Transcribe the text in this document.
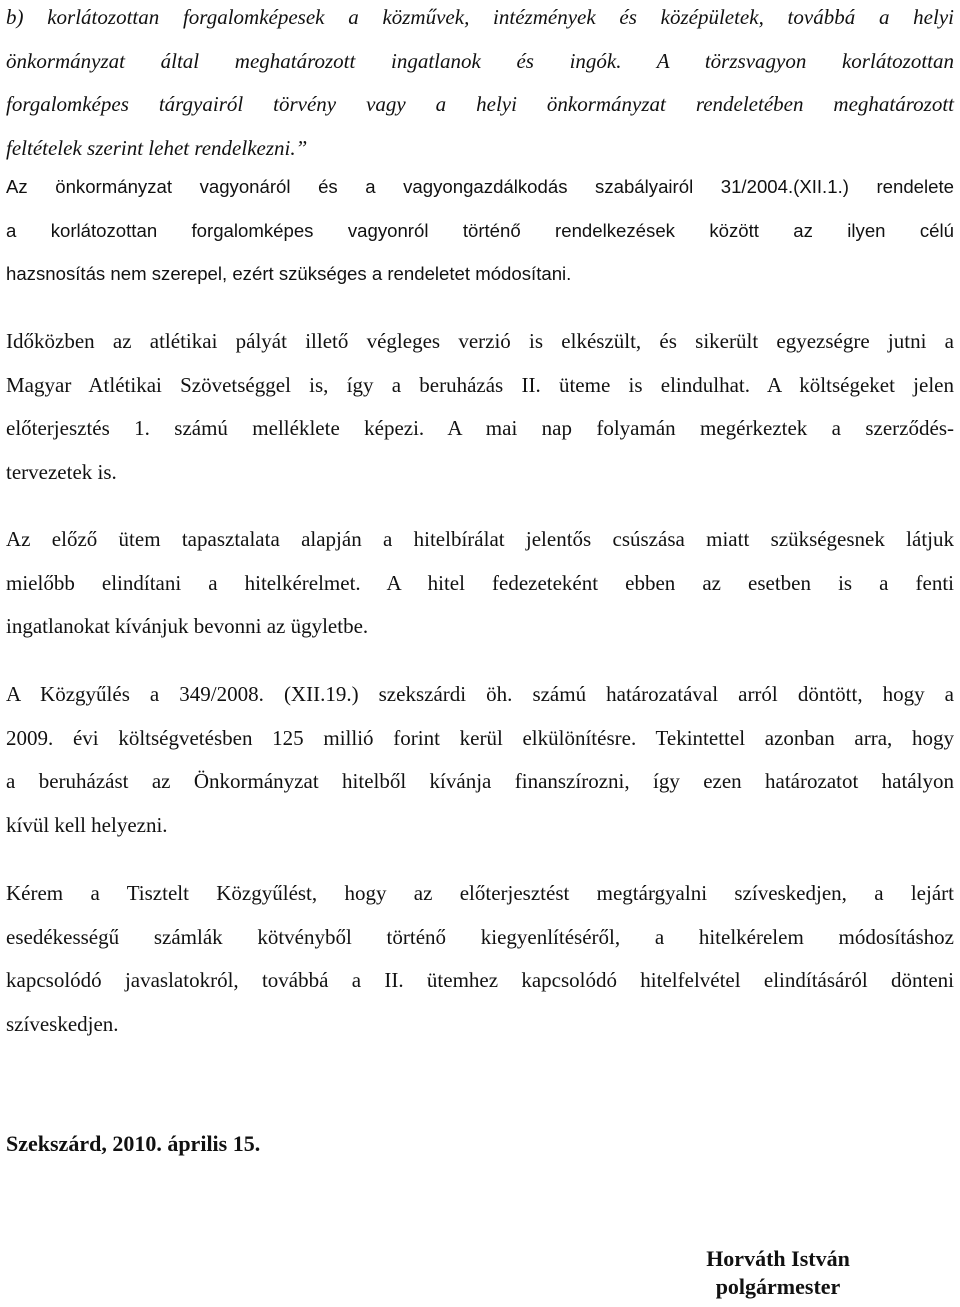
b) korlátozottan forgalomképesek a közművek, intézmények és középületek, továbbá a helyi
önkormányzat által meghatározott ingatlanok és ingók. A törzsvagyon korlátozottan
forgalomképes tárgyairól törvény vagy a helyi önkormányzat rendeletében meghatározott
feltételek szerint lehet rendelkezni.”
Az önkormányzat vagyonáról és a vagyongazdálkodás szabályairól 31/2004.(XII.1.) rendelete
a korlátozottan forgalomképes vagyonról történő rendelkezések között az ilyen célú
hazsnosítás nem szerepel, ezért szükséges a rendeletet módosítani.
Időközben az atlétikai pályát illető végleges verzió is elkészült, és sikerült egyezségre jutni a
Magyar Atlétikai Szövetséggel is, így a beruházás II. üteme is elindulhat. A költségeket jelen
előterjesztés 1. számú melléklete képezi. A mai nap folyamán megérkeztek a szerződés-
tervezetek is.
Az előző ütem tapasztalata alapján a hitelbírálat jelentős csúszása miatt szükségesnek látjuk
mielőbb elindítani a hitelkérelmet. A hitel fedezeteként ebben az esetben is a fenti
ingatlanokat kívánjuk bevonni az ügyletbe.
A Közgyűlés a 349/2008. (XII.19.) szekszárdi öh. számú határozatával arról döntött, hogy a
2009. évi költségvetésben 125 millió forint kerül elkülönítésre. Tekintettel azonban arra, hogy
a beruházást az Önkormányzat hitelből kívánja finanszírozni, így ezen határozatot hatályon
kívül kell helyezni.
Kérem a Tisztelt Közgyűlést, hogy az előterjesztést megtárgyalni szíveskedjen, a lejárt
esedékességű számlák kötvényből történő kiegyenlítéséről, a hitelkérelem módosításhoz
kapcsolódó javaslatokról, továbbá a II. ütemhez kapcsolódó hitelfelvétel elindításáról dönteni
szíveskedjen.

Szekszárd, 2010. április 15.

Horváth István
polgármester
